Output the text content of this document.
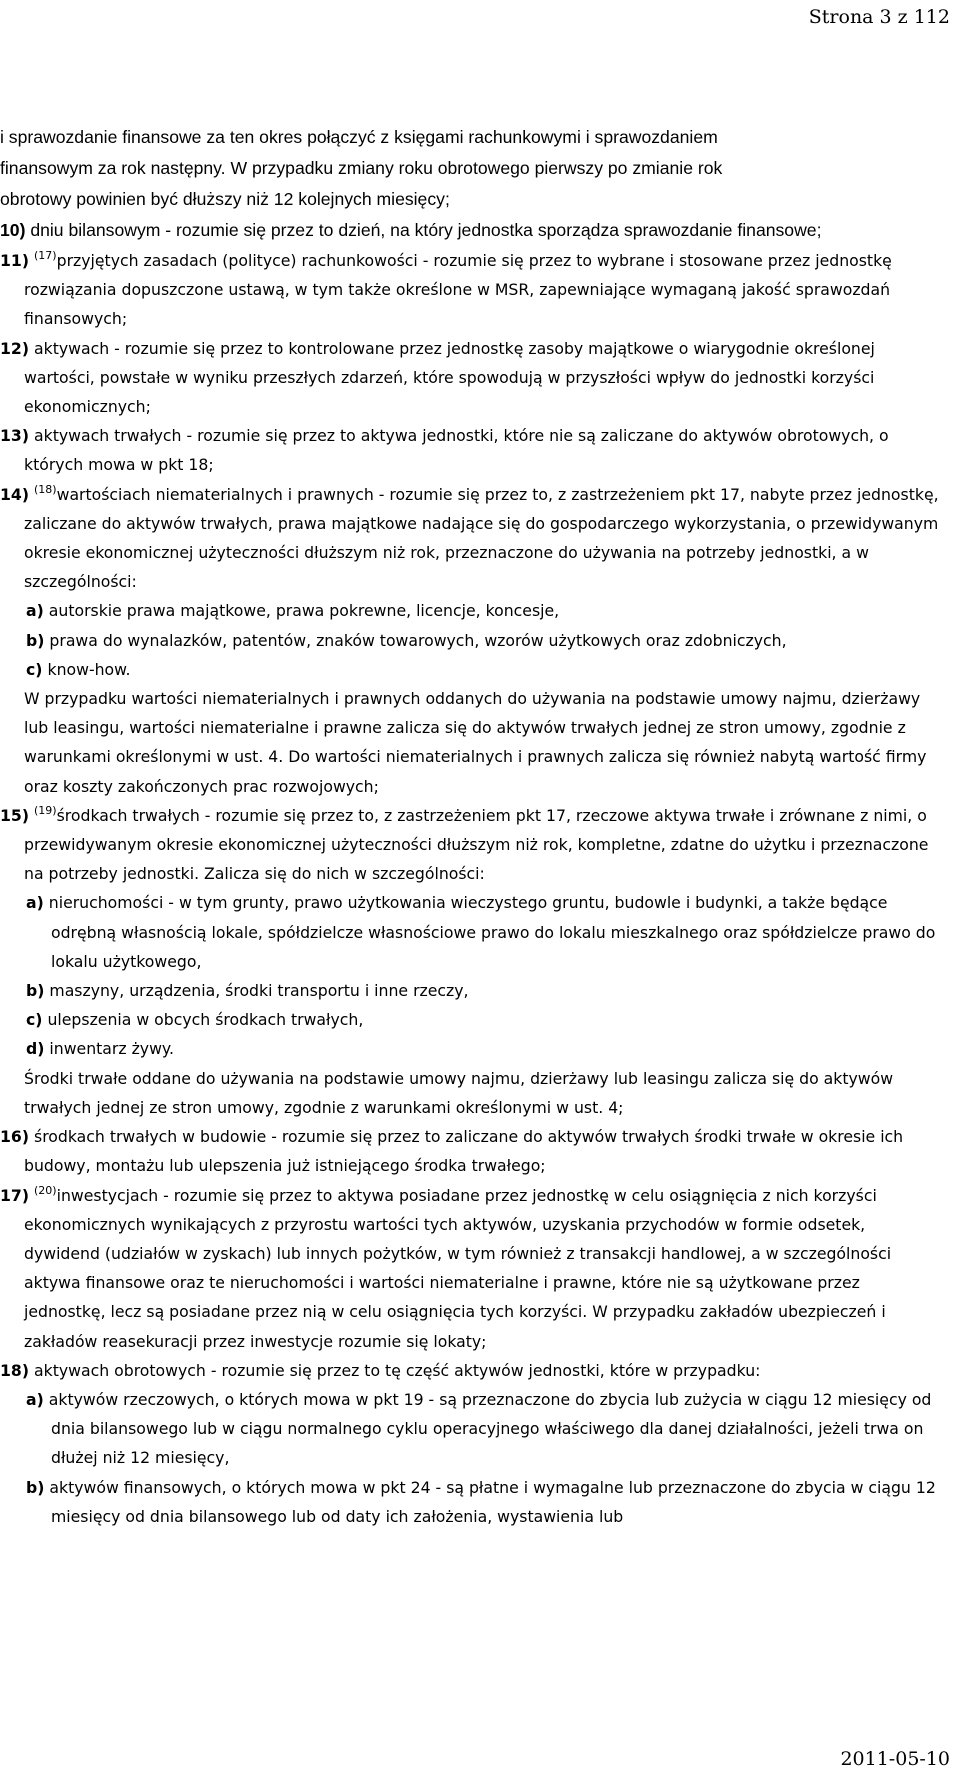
Strona 3 z 112
i sprawozdanie finansowe za ten okres połączyć z księgami rachunkowymi i sprawozdaniem
finansowym za rok następny. W przypadku zmiany roku obrotowego pierwszy po zmianie rok
obrotowy powinien być dłuższy niż 12 kolejnych miesięcy;

10) dniu bilansowym - rozumie się przez to dzień, na który jednostka sporządza sprawozdanie finansowe;

11) $^{(17)}$przyjętych zasadach (polityce) rachunkowości - rozumie się przez to wybrane i stosowane przez jednostkę rozwiązania dopuszczone ustawą, w tym także określone w MSR, zapewniające wymaganą jakość sprawozdań finansowych;

12) aktywach - rozumie się przez to kontrolowane przez jednostkę zasoby majątkowe o wiarygodnie określonej wartości, powstałe w wyniku przeszłych zdarzeń, które spowodują w przyszłości wpływ do jednostki korzyści ekonomicznych;

13) aktywach trwałych - rozumie się przez to aktywa jednostki, które nie są zaliczane do aktywów obrotowych, o których mowa w pkt 18;

14) $^{(18)}$wartościach niematerialnych i prawnych - rozumie się przez to, z zastrzeżeniem pkt 17, nabyte przez jednostkę, zaliczane do aktywów trwałych, prawa majątkowe nadające się do gospodarczego wykorzystania, o przewidywanym okresie ekonomicznej użyteczności dłuższym niż rok, przeznaczone do używania na potrzeby jednostki, a w szczególności:

a) autorskie prawa majątkowe, prawa pokrewne, licencje, koncesje,

b) prawa do wynalazków, patentów, znaków towarowych, wzorów użytkowych oraz zdobniczych,

c) know-how.

W przypadku wartości niematerialnych i prawnych oddanych do używania na podstawie umowy najmu, dzierżawy lub leasingu, wartości niematerialne i prawne zalicza się do aktywów trwałych jednej ze stron umowy, zgodnie z warunkami określonymi w ust. 4. Do wartości niematerialnych i prawnych zalicza się również nabytą wartość firmy oraz koszty zakończonych prac rozwojowych;

15) $^{(19)}$środkach trwałych - rozumie się przez to, z zastrzeżeniem pkt 17, rzeczowe aktywa trwałe i zrównane z nimi, o przewidywanym okresie ekonomicznej użyteczności dłuższym niż rok, kompletne, zdatne do użytku i przeznaczone na potrzeby jednostki. Zalicza się do nich w szczególności:

a) nieruchomości - w tym grunty, prawo użytkowania wieczystego gruntu, budowle i budynki, a także będące odrębną własnością lokale, spółdzielcze własnościowe prawo do lokalu mieszkalnego oraz spółdzielcze prawo do lokalu użytkowego,

b) maszyny, urządzenia, środki transportu i inne rzeczy,

c) ulepszenia w obcych środkach trwałych,

d) inwentarz żywy.

Środki trwałe oddane do używania na podstawie umowy najmu, dzierżawy lub leasingu zalicza się do aktywów trwałych jednej ze stron umowy, zgodnie z warunkami określonymi w ust. 4;

16) środkach trwałych w budowie - rozumie się przez to zaliczane do aktywów trwałych środki trwałe w okresie ich budowy, montażu lub ulepszenia już istniejącego środka trwałego;

17) $^{(20)}$inwestycjach - rozumie się przez to aktywa posiadane przez jednostkę w celu osiągnięcia z nich korzyści ekonomicznych wynikających z przyrostu wartości tych aktywów, uzyskania przychodów w formie odsetek, dywidend (udziałów w zyskach) lub innych pożytków, w tym również z transakcji handlowej, a w szczególności aktywa finansowe oraz te nieruchomości i wartości niematerialne i prawne, które nie są użytkowane przez jednostkę, lecz są posiadane przez nią w celu osiągnięcia tych korzyści. W przypadku zakładów ubezpieczeń i zakładów reasekuracji przez inwestycje rozumie się lokaty;

18) aktywach obrotowych - rozumie się przez to tę część aktywów jednostki, które w przypadku:

a) aktywów rzeczowych, o których mowa w pkt 19 - są przeznaczone do zbycia lub zużycia w ciągu 12 miesięcy od dnia bilansowego lub w ciągu normalnego cyklu operacyjnego właściwego dla danej działalności, jeżeli trwa on dłużej niż 12 miesięcy,

b) aktywów finansowych, o których mowa w pkt 24 - są płatne i wymagalne lub przeznaczone do zbycia w ciągu 12 miesięcy od dnia bilansowego lub od daty ich założenia, wystawienia lub

2011-05-10
